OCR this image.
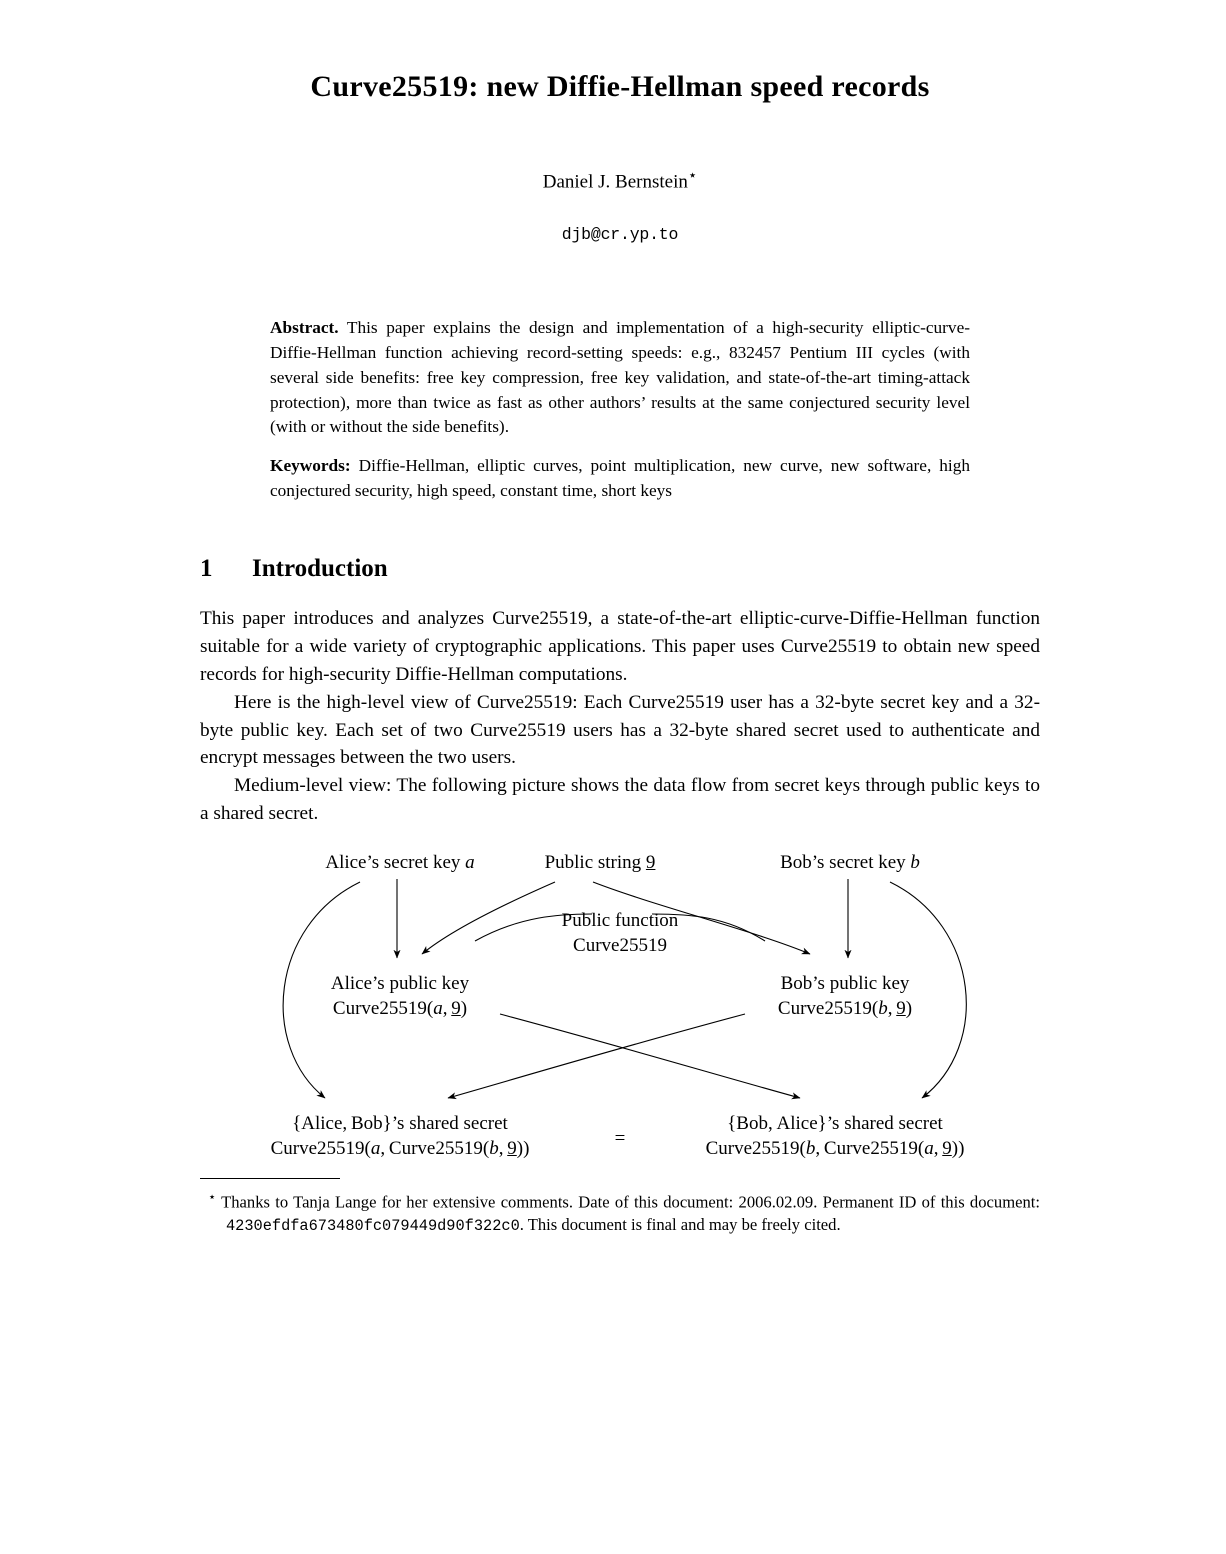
Curve25519: new Diffie-Hellman speed records
Daniel J. Bernstein⋆
djb@cr.yp.to

Abstract. This paper explains the design and implementation of a high-security elliptic-curve-Diffie-Hellman function achieving record-setting speeds: e.g., 832457 Pentium III cycles (with several side benefits: free key compression, free key validation, and state-of-the-art timing-attack protection), more than twice as fast as other authors’ results at the same conjectured security level (with or without the side benefits).

Keywords: Diffie-Hellman, elliptic curves, point multiplication, new curve, new software, high conjectured security, high speed, constant time, short keys

1 Introduction

This paper introduces and analyzes Curve25519, a state-of-the-art elliptic-curve-Diffie-Hellman function suitable for a wide variety of cryptographic applications. This paper uses Curve25519 to obtain new speed records for high-security Diffie-Hellman computations.

Here is the high-level view of Curve25519: Each Curve25519 user has a 32-byte secret key and a 32-byte public key. Each set of two Curve25519 users has a 32-byte shared secret used to authenticate and encrypt messages between the two users.

Medium-level view: The following picture shows the data flow from secret keys through public keys to a shared secret.

Alice’s secret key a	Public string 9	Bob’s secret key b
Public function
Curve25519
Alice’s public key
Curve25519(a, 9)
Bob’s public key
Curve25519(b, 9)
{Alice, Bob}’s shared secret
Curve25519(a, Curve25519(b, 9))
=
{Bob, Alice}’s shared secret
Curve25519(b, Curve25519(a, 9))
⋆ Thanks to Tanja Lange for her extensive comments. Date of this document: 2006.02.09. Permanent ID of this document: 4230efdfa673480fc079449d90f322c0. This document is final and may be freely cited.
